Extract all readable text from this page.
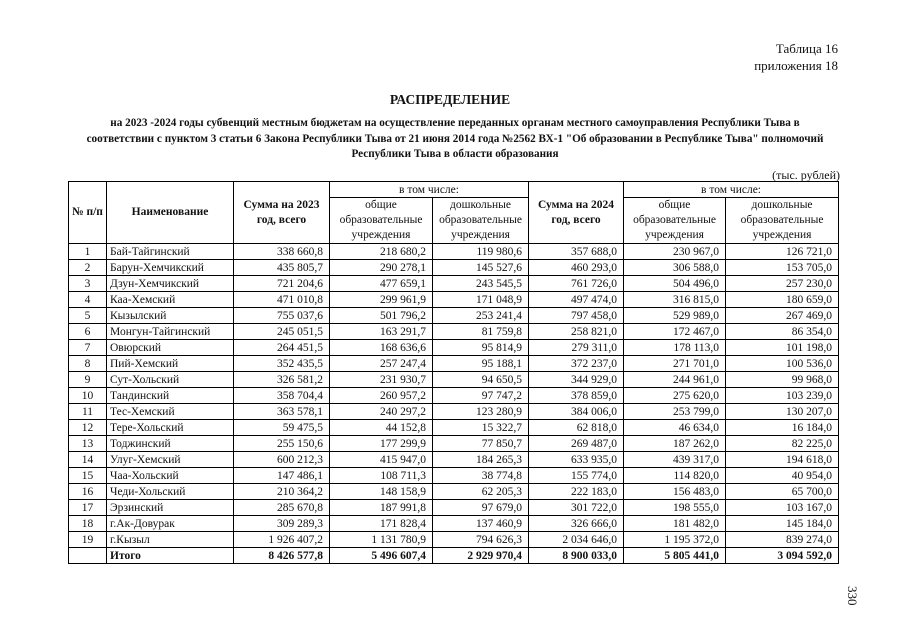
Таблица 16
приложения 18
РАСПРЕДЕЛЕНИЕ
на 2023 -2024 годы субвенций местным бюджетам на осуществление переданных органам местного самоуправления Республики Тыва в соответствии с пунктом 3 статьи 6 Закона Республики Тыва от 21 июня 2014 года №2562 ВХ-1 "Об образовании в Республике Тыва" полномочий Республики Тыва в области образования
(тыс. рублей)
№ п/п	Наименование	Сумма на 2023 год, всего	в том числе:		Сумма на 2024 год, всего	в том числе:	
			общие образовательные учреждения	дошкольные образовательные учреждения		общие образовательные учреждения	дошкольные образовательные учреждения

1	Бай-Тайгинский	338 660,8	218 680,2	119 980,6	357 688,0	230 967,0	126 721,0
2	Барун-Хемчикский	435 805,7	290 278,1	145 527,6	460 293,0	306 588,0	153 705,0
3	Дзун-Хемчикский	721 204,6	477 659,1	243 545,5	761 726,0	504 496,0	257 230,0
4	Каа-Хемский	471 010,8	299 961,9	171 048,9	497 474,0	316 815,0	180 659,0
5	Кызылский	755 037,6	501 796,2	253 241,4	797 458,0	529 989,0	267 469,0
6	Монгун-Тайгинский	245 051,5	163 291,7	81 759,8	258 821,0	172 467,0	86 354,0
7	Овюрский	264 451,5	168 636,6	95 814,9	279 311,0	178 113,0	101 198,0
8	Пий-Хемский	352 435,5	257 247,4	95 188,1	372 237,0	271 701,0	100 536,0
9	Сут-Хольский	326 581,2	231 930,7	94 650,5	344 929,0	244 961,0	99 968,0
10	Тандинский	358 704,4	260 957,2	97 747,2	378 859,0	275 620,0	103 239,0
11	Тес-Хемский	363 578,1	240 297,2	123 280,9	384 006,0	253 799,0	130 207,0
12	Тере-Хольский	59 475,5	44 152,8	15 322,7	62 818,0	46 634,0	16 184,0
13	Тоджинский	255 150,6	177 299,9	77 850,7	269 487,0	187 262,0	82 225,0
14	Улуг-Хемский	600 212,3	415 947,0	184 265,3	633 935,0	439 317,0	194 618,0
15	Чаа-Хольский	147 486,1	108 711,3	38 774,8	155 774,0	114 820,0	40 954,0
16	Чеди-Хольский	210 364,2	148 158,9	62 205,3	222 183,0	156 483,0	65 700,0
17	Эрзинский	285 670,8	187 991,8	97 679,0	301 722,0	198 555,0	103 167,0
18	г.Ак-Довурак	309 289,3	171 828,4	137 460,9	326 666,0	181 482,0	145 184,0
19	г.Кызыл	1 926 407,2	1 131 780,9	794 626,3	2 034 646,0	1 195 372,0	839 274,0
	Итого	8 426 577,8	5 496 607,4	2 929 970,4	8 900 033,0	5 805 441,0	3 094 592,0
330
